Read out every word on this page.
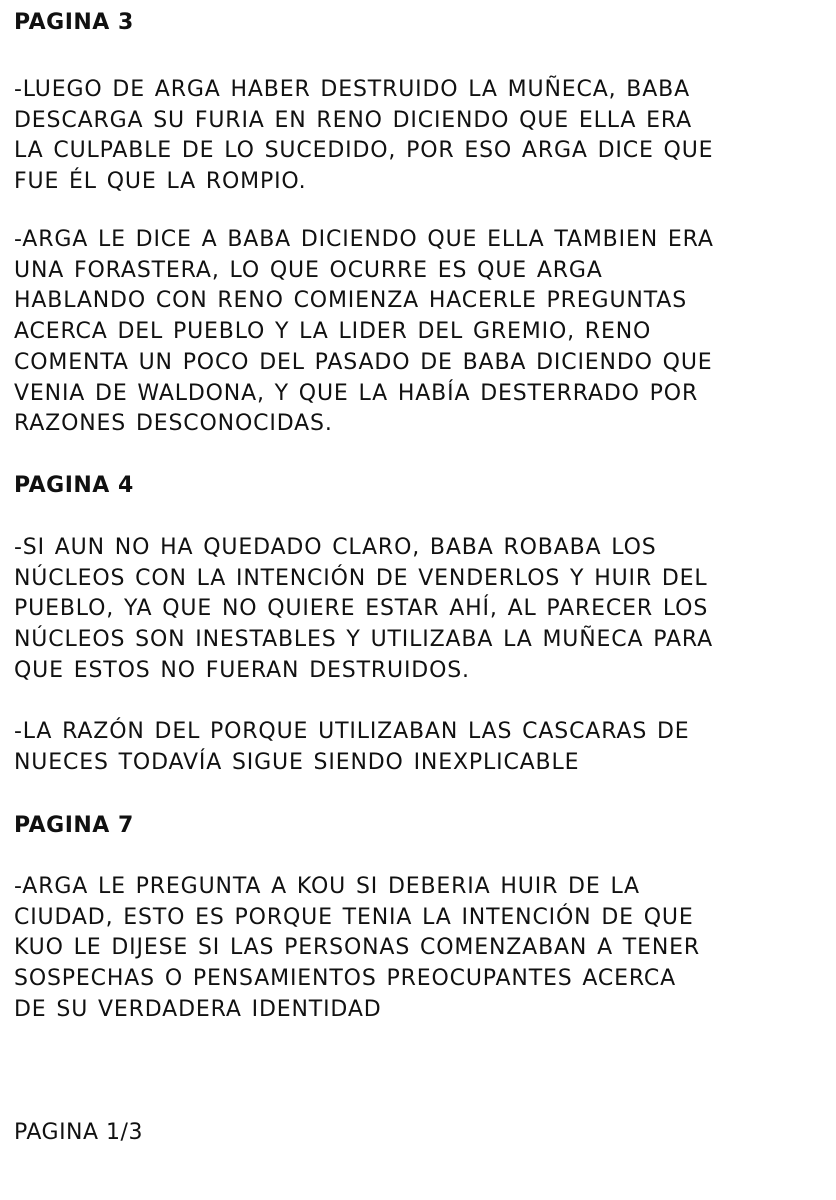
PAGINA 3
-LUEGO DE ARGA HABER DESTRUIDO LA MUÑECA, BABA
DESCARGA SU FURIA EN RENO DICIENDO QUE ELLA ERA
LA CULPABLE DE LO SUCEDIDO, POR ESO ARGA DICE QUE
FUE ÉL QUE LA ROMPIO.
-ARGA LE DICE A BABA DICIENDO QUE ELLA TAMBIEN ERA
UNA FORASTERA, LO QUE OCURRE ES QUE ARGA
HABLANDO CON RENO COMIENZA HACERLE PREGUNTAS
ACERCA DEL PUEBLO Y LA LIDER DEL GREMIO, RENO
COMENTA UN POCO DEL PASADO DE BABA DICIENDO QUE
VENIA DE WALDONA, Y QUE LA HABÍA DESTERRADO POR
RAZONES DESCONOCIDAS.
PAGINA 4
-SI AUN NO HA QUEDADO CLARO, BABA ROBABA LOS
NÚCLEOS CON LA INTENCIÓN DE VENDERLOS Y HUIR DEL
PUEBLO, YA QUE NO QUIERE ESTAR AHÍ, AL PARECER LOS
NÚCLEOS SON INESTABLES Y UTILIZABA LA MUÑECA PARA
QUE ESTOS NO FUERAN DESTRUIDOS.
-LA RAZÓN DEL PORQUE UTILIZABAN LAS CASCARAS DE
NUECES TODAVÍA SIGUE SIENDO INEXPLICABLE
PAGINA 7
-ARGA LE PREGUNTA A KOU SI DEBERIA HUIR DE LA
CIUDAD, ESTO ES PORQUE TENIA LA INTENCIÓN DE QUE
KUO LE DIJESE SI LAS PERSONAS COMENZABAN A TENER
SOSPECHAS O PENSAMIENTOS PREOCUPANTES ACERCA
DE SU VERDADERA IDENTIDAD
PAGINA 1/3
